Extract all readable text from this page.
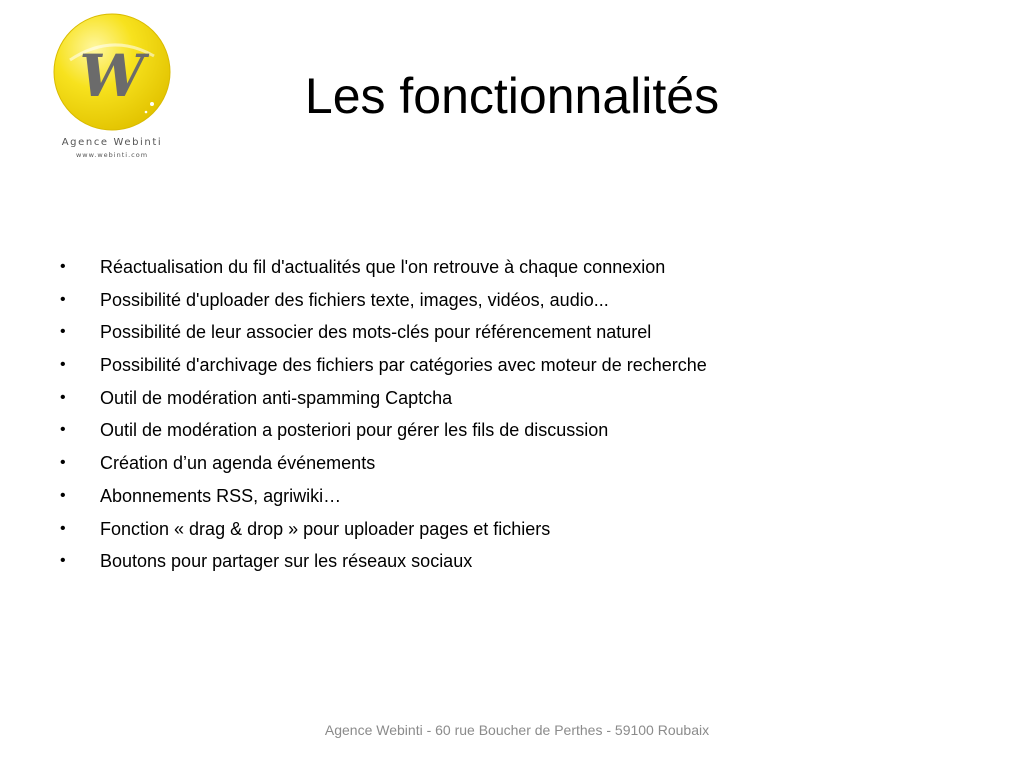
W
Agence Webinti
www.webinti.com
Les fonctionnalités
• Réactualisation du fil d'actualités que l'on retrouve à chaque connexion
• Possibilité d'uploader des fichiers texte, images, vidéos, audio...
• Possibilité de leur associer des mots-clés pour référencement naturel
• Possibilité d'archivage des fichiers par catégories avec moteur de recherche
• Outil de modération anti-spamming Captcha
• Outil de modération a posteriori pour gérer les fils de discussion
• Création d’un agenda événements
• Abonnements RSS, agriwiki…
• Fonction « drag & drop » pour uploader pages et fichiers
• Boutons pour partager sur les réseaux sociaux
Agence Webinti - 60 rue Boucher de Perthes - 59100 Roubaix
